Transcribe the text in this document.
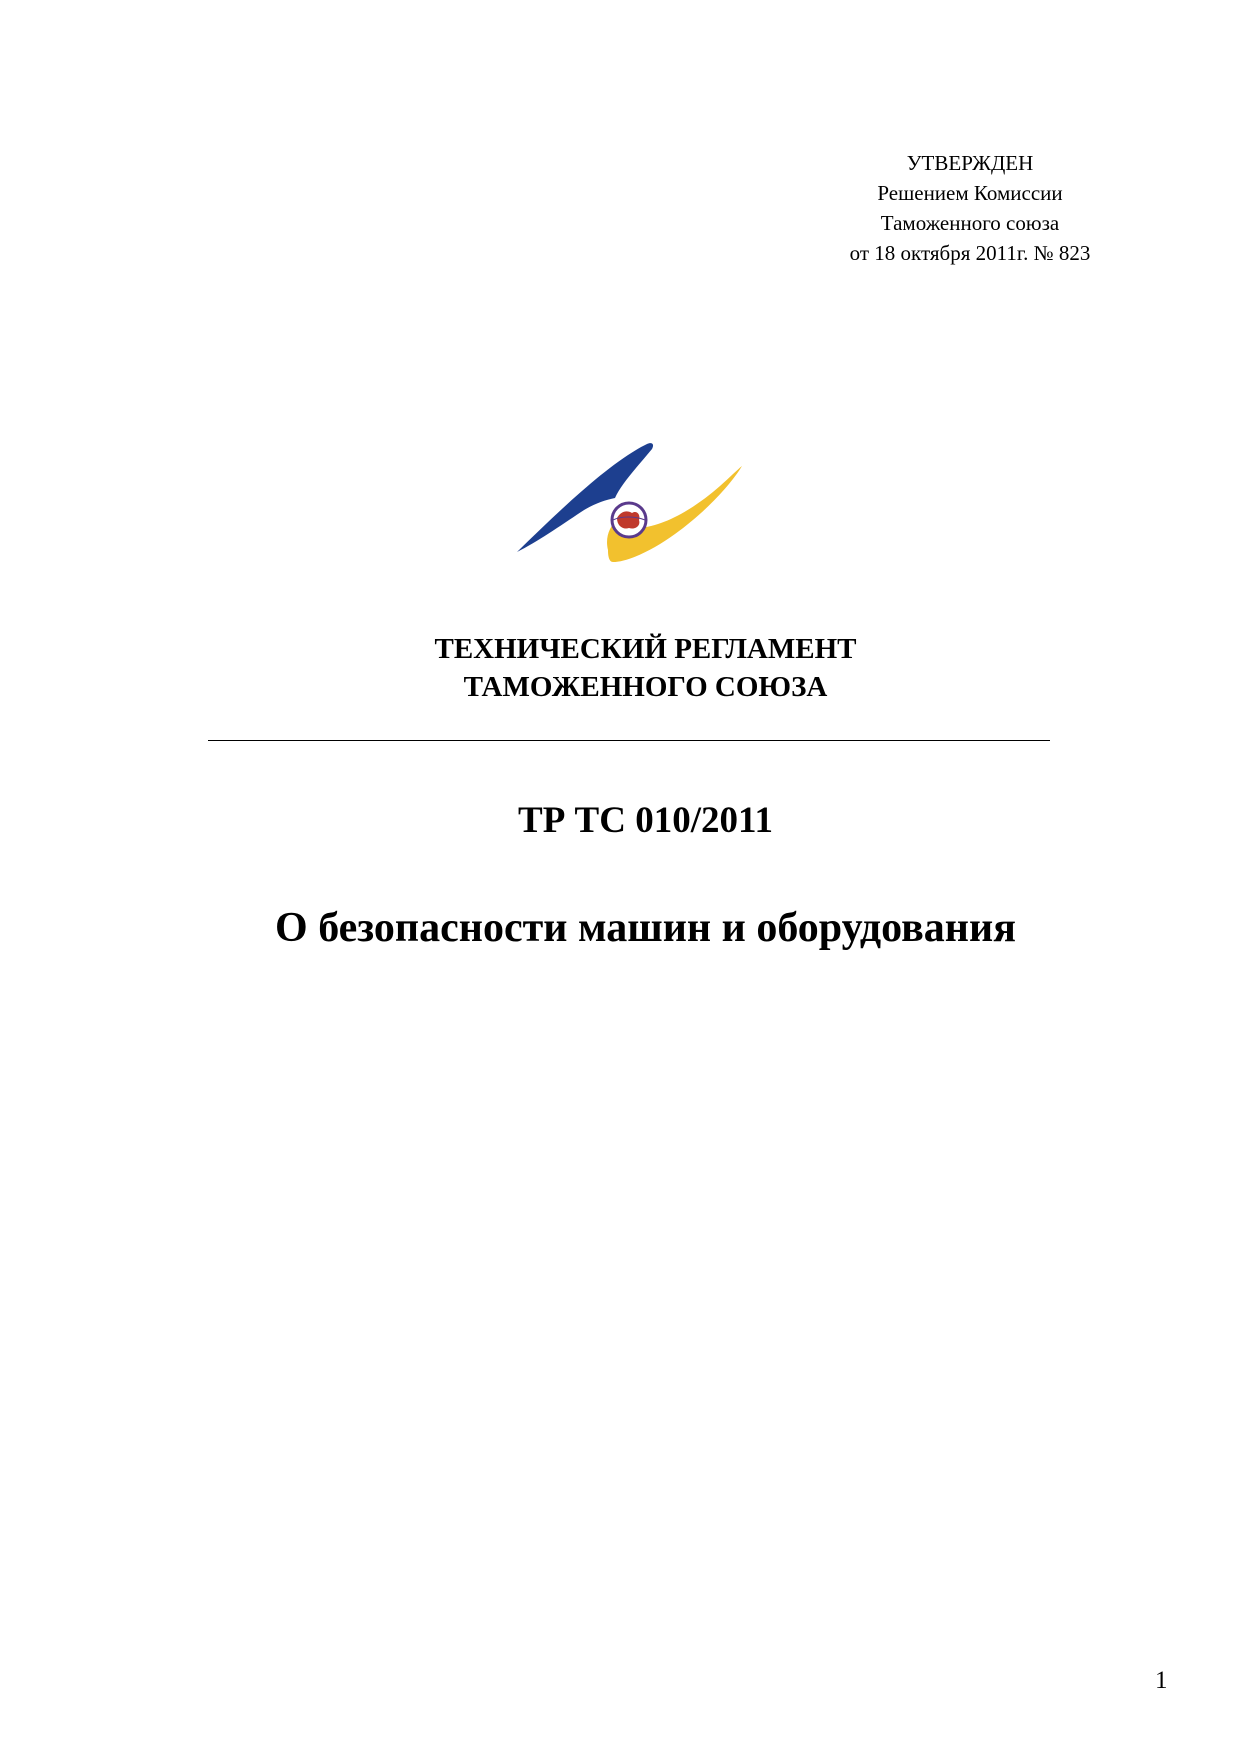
УТВЕРЖДЕН
Решением Комиссии
Таможенного союза
от 18 октября 2011г. № 823
ТЕХНИЧЕСКИЙ РЕГЛАМЕНТ
ТАМОЖЕННОГО СОЮЗА
ТР ТС 010/2011
О безопасности машин и оборудования
1
